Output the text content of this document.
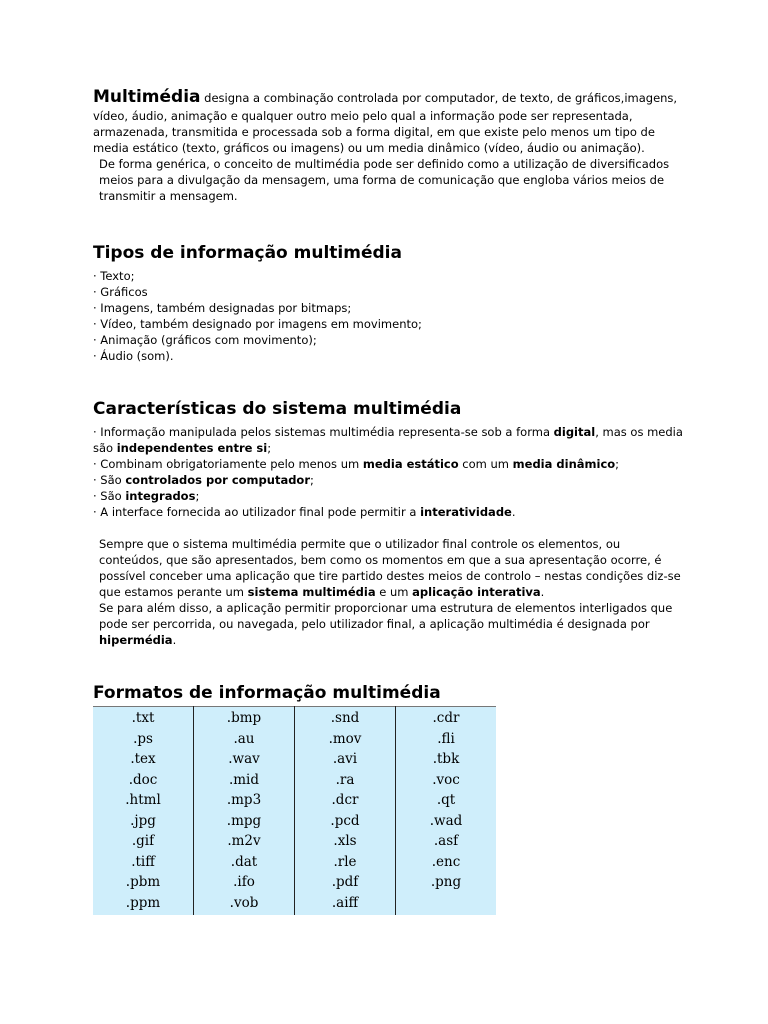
Multimédia designa a combinação controlada por computador, de texto, de gráficos,imagens, vídeo, áudio, animação e qualquer outro meio pelo qual a informação pode ser representada, armazenada, transmitida e processada sob a forma digital, em que existe pelo menos um tipo de media estático (texto, gráficos ou imagens) ou um media dinâmico (vídeo, áudio ou animação).

De forma genérica, o conceito de multimédia pode ser definido como a utilização de diversificados meios para a divulgação da mensagem, uma forma de comunicação que engloba vários meios de transmitir a mensagem.

Tipos de informação multimédia
· Texto;
· Gráficos
· Imagens, também designadas por bitmaps;
· Vídeo, também designado por imagens em movimento;
· Animação (gráficos com movimento);
· Áudio (som).
Características do sistema multimédia
· Informação manipulada pelos sistemas multimédia representa-se sob a forma digital, mas os media são independentes entre si;
· Combinam obrigatoriamente pelo menos um media estático com um media dinâmico;
· São controlados por computador;
· São integrados;
· A interface fornecida ao utilizador final pode permitir a interatividade.

Sempre que o sistema multimédia permite que o utilizador final controle os elementos, ou conteúdos, que são apresentados, bem como os momentos em que a sua apresentação ocorre, é possível conceber uma aplicação que tire partido destes meios de controlo – nestas condições diz-se que estamos perante um sistema multimédia e um aplicação interativa.

Se para além disso, a aplicação permitir proporcionar uma estrutura de elementos interligados que pode ser percorrida, ou navegada, pelo utilizador final, a aplicação multimédia é designada por hipermédia.

Formatos de informação multimédia
.txt	.bmp	.snd	.cdr
.ps	.au	.mov	.fli
.tex	.wav	.avi	.tbk
.doc	.mid	.ra	.voc
.html	.mp3	.dcr	.qt
.jpg	.mpg	.pcd	.wad
.gif	.m2v	.xls	.asf
.tiff	.dat	.rle	.enc
.pbm	.ifo	.pdf	.png
.ppm	.vob	.aiff	
